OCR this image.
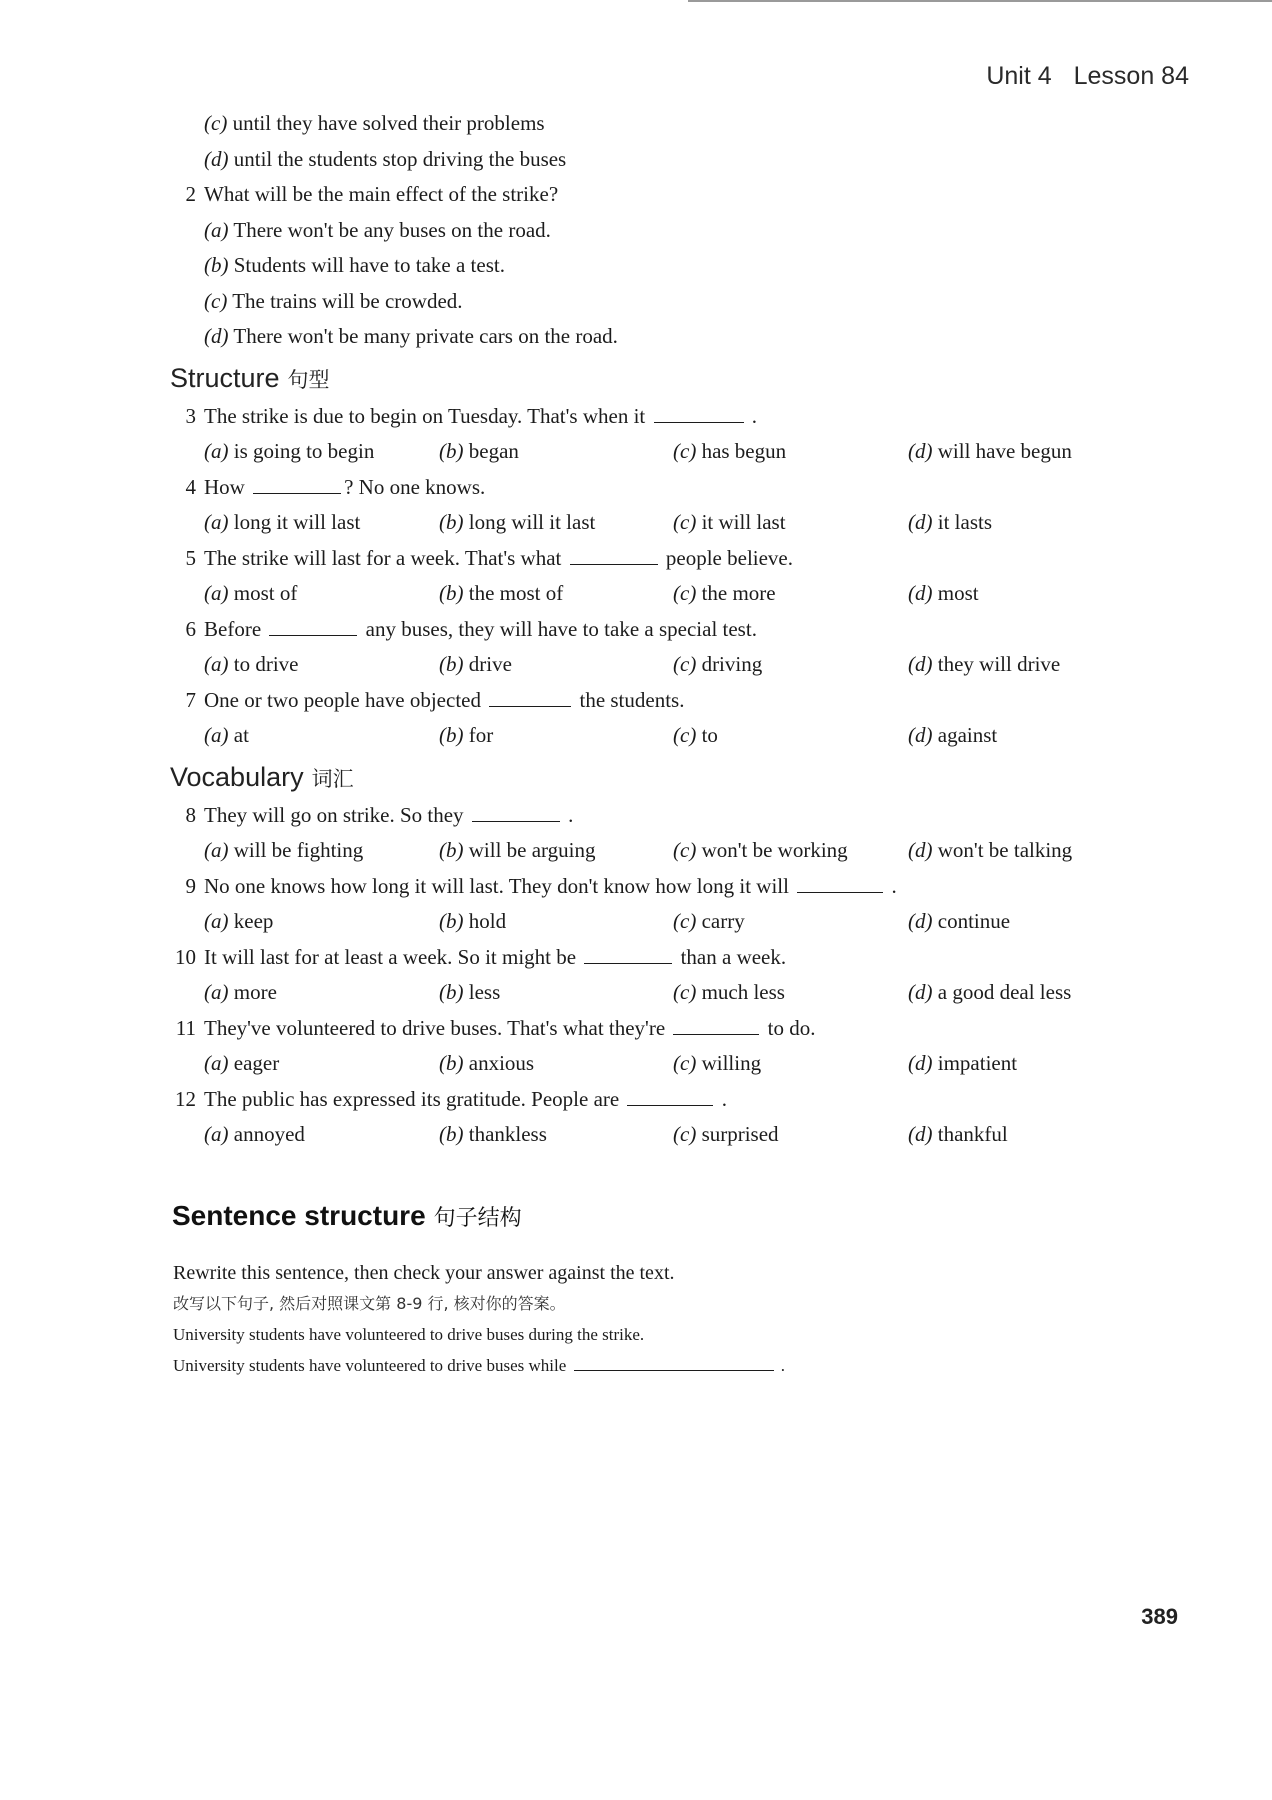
Unit 4 Lesson 84
(c) until they have solved their problems
(d) until the students stop driving the buses
2 What will be the main effect of the strike?
(a) There won't be any buses on the road.
(b) Students will have to take a test.
(c) The trains will be crowded.
(d) There won't be many private cars on the road.
Structure 句型
3 The strike is due to begin on Tuesday. That's when it	.
(a) is going to begin	(b) began	(c) has begun	(d) will have begun
4 How	? No one knows.
(a) long it will last	(b) long will it last	(c) it will last	(d) it lasts
5 The strike will last for a week. That's what	people believe.
(a) most of	(b) the most of	(c) the more	(d) most
6 Before	any buses, they will have to take a special test.
(a) to drive	(b) drive	(c) driving	(d) they will drive
7 One or two people have objected	the students.
(a) at	(b) for	(c) to	(d) against
Vocabulary 词汇
8 They will go on strike. So they	.
(a) will be fighting	(b) will be arguing	(c) won't be working	(d) won't be talking
9 No one knows how long it will last. They don't know how long it will	.
(a) keep	(b) hold	(c) carry	(d) continue
10 It will last for at least a week. So it might be	than a week.
(a) more	(b) less	(c) much less	(d) a good deal less
11 They've volunteered to drive buses. That's what they're	to do.
(a) eager	(b) anxious	(c) willing	(d) impatient
12 The public has expressed its gratitude. People are	.
(a) annoyed	(b) thankless	(c) surprised	(d) thankful
Sentence structure 句子结构
Rewrite this sentence, then check your answer against the text.
改写以下句子, 然后对照课文第 8-9 行, 核对你的答案。
University students have volunteered to drive buses during the strike.
University students have volunteered to drive buses while	.
389
